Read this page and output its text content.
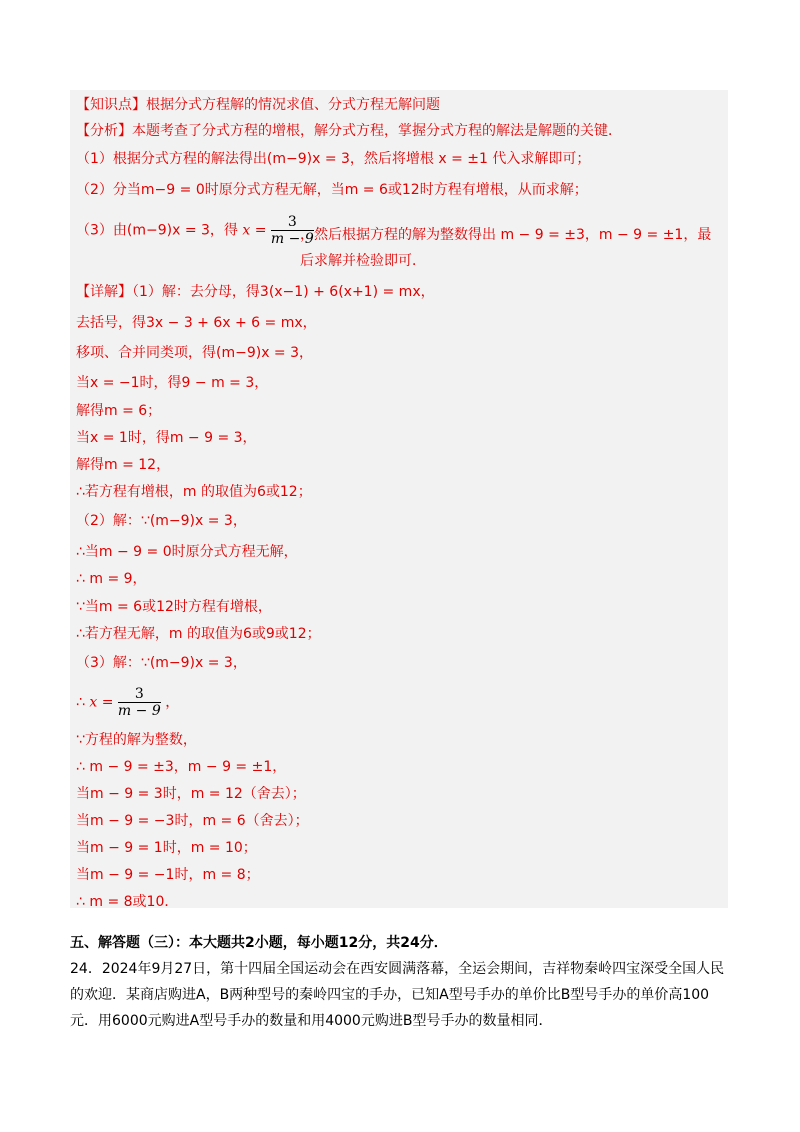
【知识点】根据分式方程解的情况求值、分式方程无解问题
【分析】本题考查了分式方程的增根，解分式方程，掌握分式方程的解法是解题的关键．
（1）根据分式方程的解法得出(m−9)x = 3，然后将增根 x = ±1 代入求解即可；
（2）分当m−9 = 0时原分式方程无解，当m = 6或12时方程有增根，从而求解；
（3）由(m−9)x = 3，得 $x = \frac{3}{m - 9}$
，然后根据方程的解为整数得出 m − 9 = ±3，m − 9 = ±1，最后求解并检验即可．
【详解】（1）解：去分母，得3(x−1) + 6(x+1) = mx，
去括号，得3x − 3 + 6x + 6 = mx，
移项、合并同类项，得(m−9)x = 3，
当x = −1时，得9 − m = 3，
解得m = 6；
当x = 1时，得m − 9 = 3，
解得m = 12，
∴若方程有增根，m 的取值为6或12；
（2）解：∵(m−9)x = 3，
∴当m − 9 = 0时原分式方程无解，
∴ m = 9，
∵当m = 6或12时方程有增根，
∴若方程无解，m 的取值为6或9或12；
（3）解：∵(m−9)x = 3，
∴ $x = \frac{3}{m - 9}$ ，
∵方程的解为整数，
∴ m − 9 = ±3，m − 9 = ±1，
当m − 9 = 3时，m = 12（舍去）；
当m − 9 = −3时，m = 6（舍去）；
当m − 9 = 1时，m = 10；
当m − 9 = −1时，m = 8；
∴ m = 8或10．
五、解答题（三）：本大题共2小题，每小题12分，共24分．
24．2024年9月27日，第十四届全国运动会在西安圆满落幕，全运会期间，吉祥物秦岭四宝深受全国人民的欢迎．某商店购进A，B两种型号的秦岭四宝的手办，已知A型号手办的单价比B型号手办的单价高100元．用6000元购进A型号手办的数量和用4000元购进B型号手办的数量相同．
